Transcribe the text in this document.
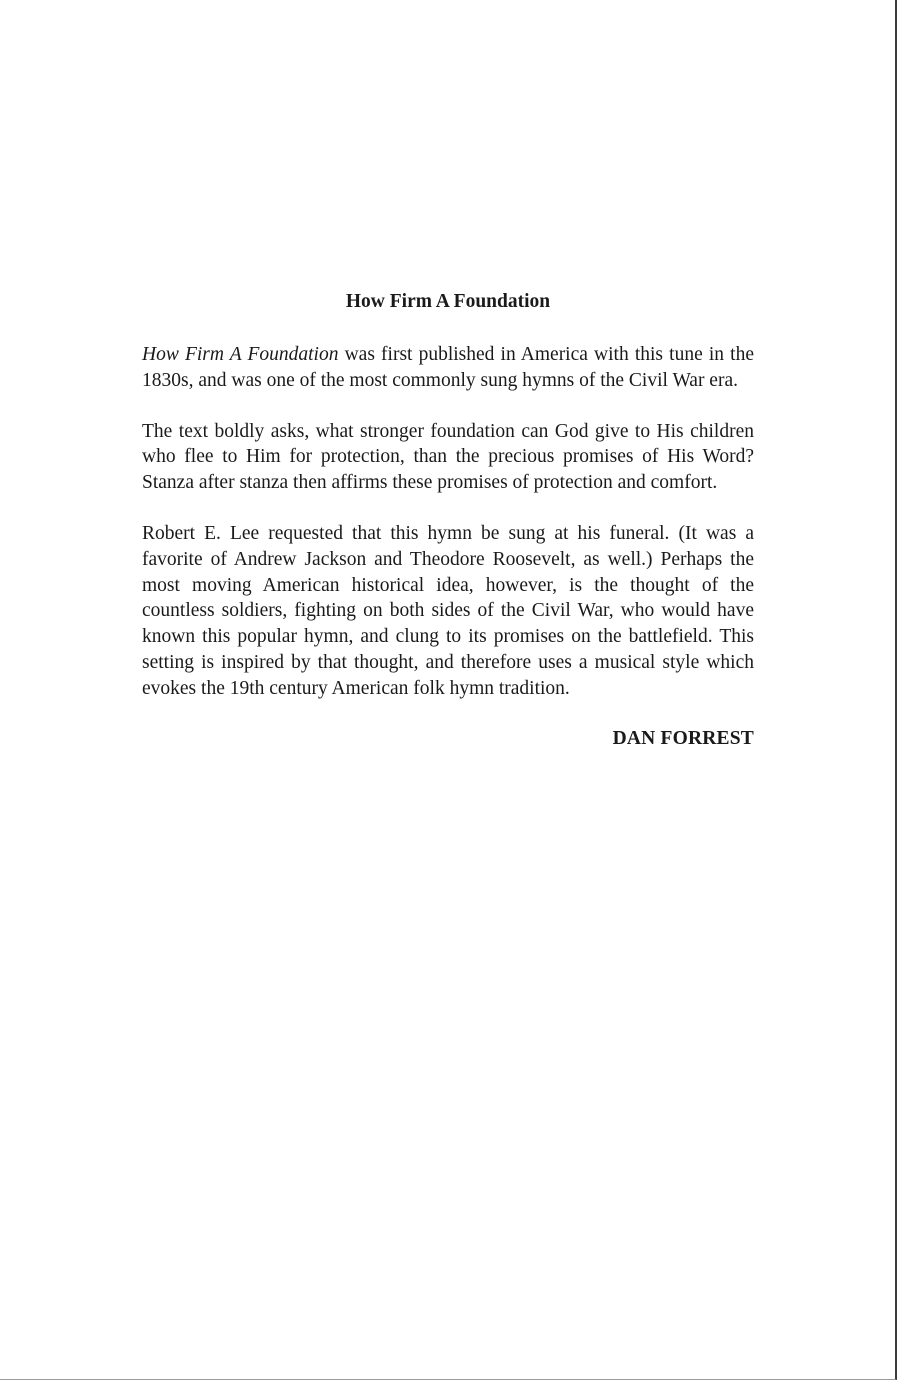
How Firm A Foundation

How Firm A Foundation was first published in America with this tune in the 1830s, and was one of the most commonly sung hymns of the Civil War era.

The text boldly asks, what stronger foundation can God give to His children who flee to Him for protection, than the precious promises of His Word? Stanza after stanza then affirms these promises of protection and comfort.

Robert E. Lee requested that this hymn be sung at his funeral. (It was a favorite of Andrew Jackson and Theodore Roosevelt, as well.) Perhaps the most moving American historical idea, however, is the thought of the countless soldiers, fighting on both sides of the Civil War, who would have known this popular hymn, and clung to its promises on the battlefield. This setting is inspired by that thought, and therefore uses a musical style which evokes the 19th century American folk hymn tradition.

DAN FORREST
